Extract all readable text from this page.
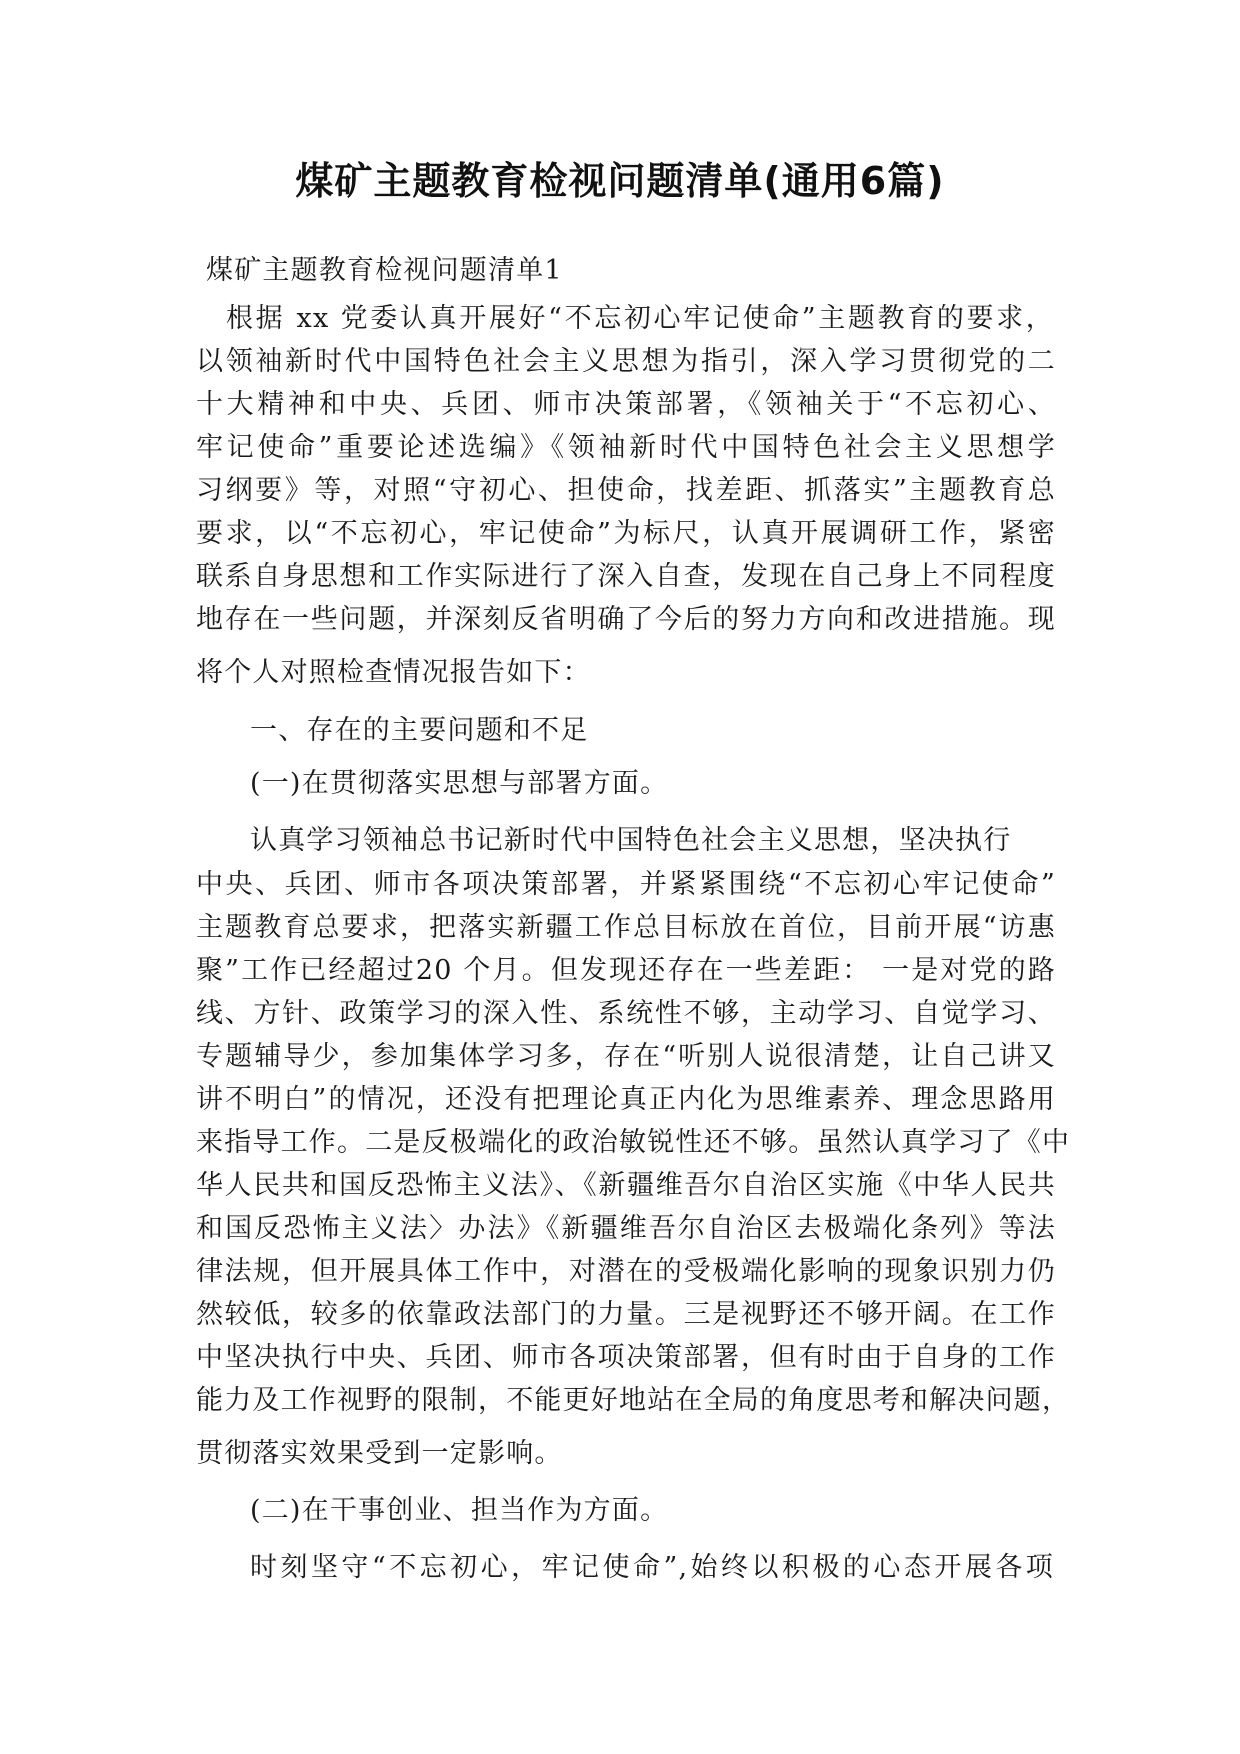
煤矿主题教育检视问题清单(通用6篇)
煤矿主题教育检视问题清单1
根据 xx 党委认真开展好“不忘初心牢记使命”主题教育的要求，
以领袖新时代中国特色社会主义思想为指引，深入学习贯彻党的二
十大精神和中央、兵团、师市决策部署，《领袖关于“不忘初心、
牢记使命”重要论述选编》《领袖新时代中国特色社会主义思想学
习纲要》等，对照“守初心、担使命，找差距、抓落实”主题教育总
要求，以“不忘初心，牢记使命”为标尺，认真开展调研工作，紧密
联系自身思想和工作实际进行了深入自查，发现在自己身上不同程度
地存在一些问题，并深刻反省明确了今后的努力方向和改进措施。现
将个人对照检查情况报告如下：
一、存在的主要问题和不足
(一)在贯彻落实思想与部署方面。
认真学习领袖总书记新时代中国特色社会主义思想，坚决执行
中央、兵团、师市各项决策部署，并紧紧围绕“不忘初心牢记使命”
主题教育总要求，把落实新疆工作总目标放在首位，目前开展“访惠
聚”工作已经超过20 个月。但发现还存在一些差距： 一是对党的路
线、方针、政策学习的深入性、系统性不够，主动学习、自觉学习、
专题辅导少，参加集体学习多，存在“听别人说很清楚，让自己讲又
讲不明白”的情况，还没有把理论真正内化为思维素养、理念思路用
来指导工作。二是反极端化的政治敏锐性还不够。虽然认真学习了《中
华人民共和国反恐怖主义法》、《新疆维吾尔自治区实施《中华人民共
和国反恐怖主义法〉办法》《新疆维吾尔自治区去极端化条列》等法
律法规，但开展具体工作中，对潜在的受极端化影响的现象识别力仍
然较低，较多的依靠政法部门的力量。三是视野还不够开阔。在工作
中坚决执行中央、兵团、师市各项决策部署，但有时由于自身的工作
能力及工作视野的限制，不能更好地站在全局的角度思考和解决问题，
贯彻落实效果受到一定影响。
(二)在干事创业、担当作为方面。
时刻坚守“不忘初心，牢记使命”,始终以积极的心态开展各项
